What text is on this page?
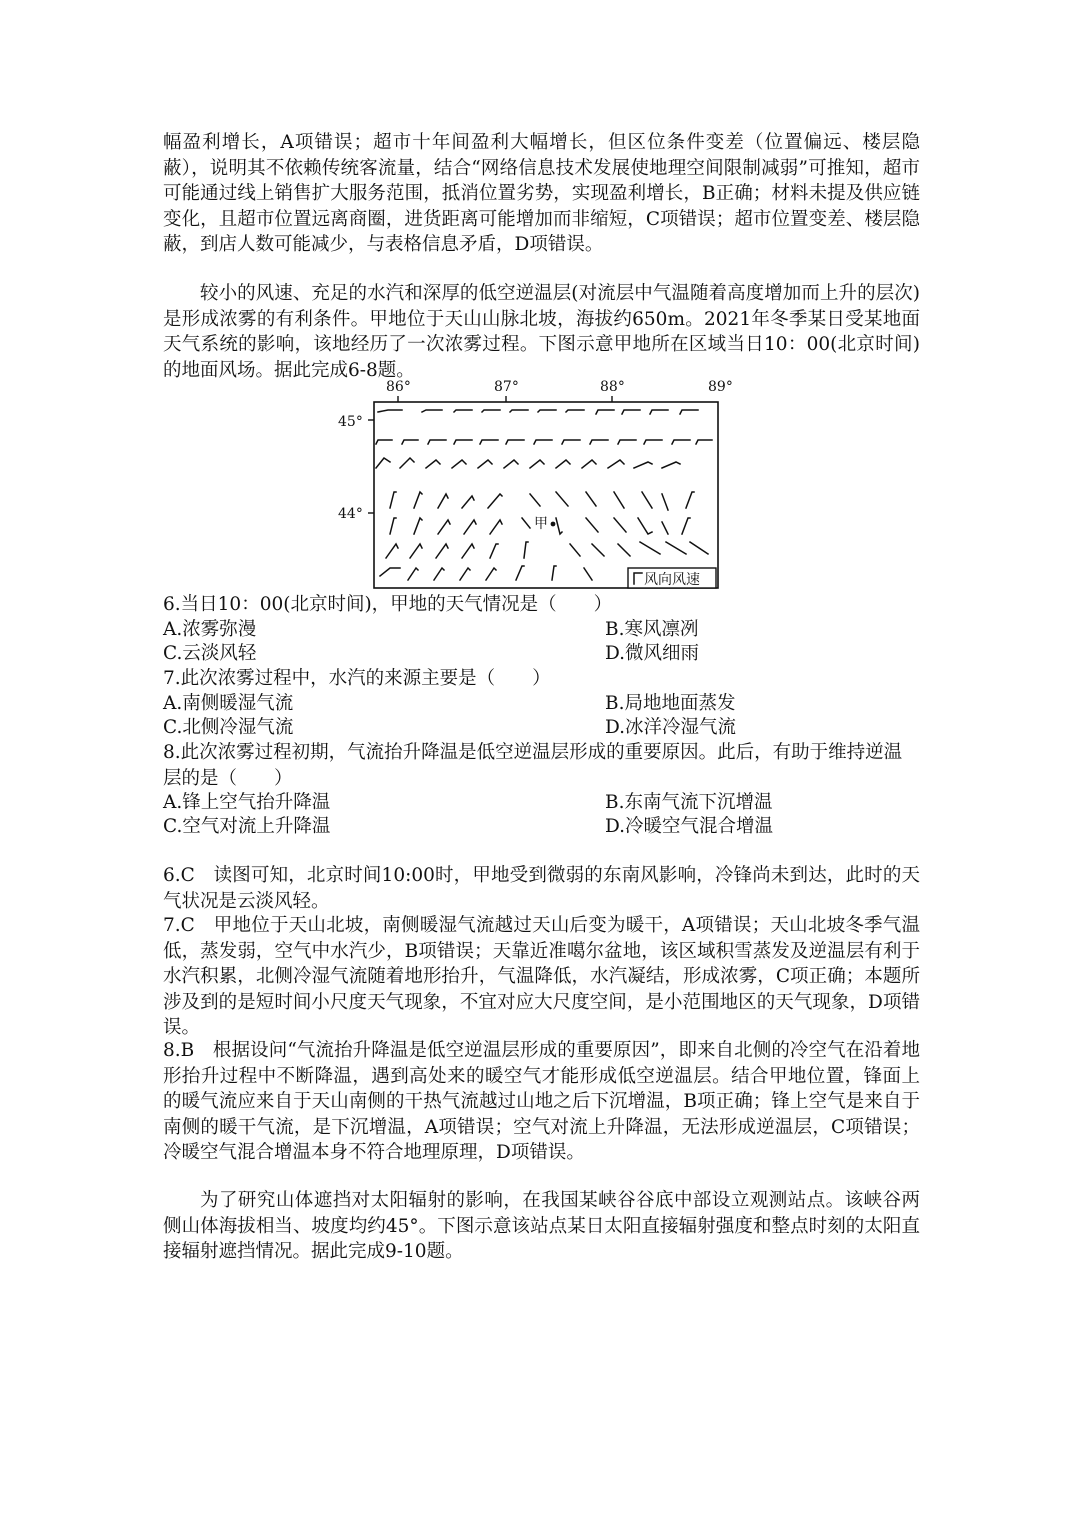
幅盈利增长，A项错误；超市十年间盈利大幅增长，但区位条件变差（位置偏远、楼层隐蔽），说明其不依赖传统客流量，结合“网络信息技术发展使地理空间限制减弱”可推知，超市可能通过线上销售扩大服务范围，抵消位置劣势，实现盈利增长，B正确；材料未提及供应链变化，且超市位置远离商圈，进货距离可能增加而非缩短，C项错误；超市位置变差、楼层隐蔽，到店人数可能减少，与表格信息矛盾，D项错误。

较小的风速、充足的水汽和深厚的低空逆温层(对流层中气温随着高度增加而上升的层次)是形成浓雾的有利条件。甲地位于天山山脉北坡，海拔约650m。2021年冬季某日受某地面天气系统的影响，该地经历了一次浓雾过程。下图示意甲地所在区域当日10：00(北京时间)的地面风场。据此完成6-8题。

86°	87°	88°	89°
45°
44°
甲
风向风速
6.当日10：00(北京时间)，甲地的天气情况是（　　）
A.浓雾弥漫	B.寒风凛冽
C.云淡风轻	D.微风细雨
7.此次浓雾过程中，水汽的来源主要是（　　）
A.南侧暖湿气流	B.局地地面蒸发
C.北侧冷湿气流	D.冰洋冷湿气流
8.此次浓雾过程初期，气流抬升降温是低空逆温层形成的重要原因。此后，有助于维持逆温层的是（　　）
A.锋上空气抬升降温	B.东南气流下沉增温
C.空气对流上升降温	D.冷暖空气混合增温

6.C　读图可知，北京时间10:00时，甲地受到微弱的东南风影响，冷锋尚未到达，此时的天气状况是云淡风轻。

7.C　甲地位于天山北坡，南侧暖湿气流越过天山后变为暖干，A项错误；天山北坡冬季气温低，蒸发弱，空气中水汽少，B项错误；天靠近准噶尔盆地，该区域积雪蒸发及逆温层有利于水汽积累，北侧冷湿气流随着地形抬升，气温降低，水汽凝结，形成浓雾，C项正确；本题所涉及到的是短时间小尺度天气现象，不宜对应大尺度空间，是小范围地区的天气现象，D项错误。

8.B　根据设问“气流抬升降温是低空逆温层形成的重要原因”，即来自北侧的冷空气在沿着地形抬升过程中不断降温，遇到高处来的暖空气才能形成低空逆温层。结合甲地位置，锋面上的暖气流应来自于天山南侧的干热气流越过山地之后下沉增温，B项正确；锋上空气是来自于南侧的暖干气流，是下沉增温，A项错误；空气对流上升降温，无法形成逆温层，C项错误；冷暖空气混合增温本身不符合地理原理，D项错误。

为了研究山体遮挡对太阳辐射的影响，在我国某峡谷谷底中部设立观测站点。该峡谷两侧山体海拔相当、坡度均约45°。下图示意该站点某日太阳直接辐射强度和整点时刻的太阳直接辐射遮挡情况。据此完成9-10题。
